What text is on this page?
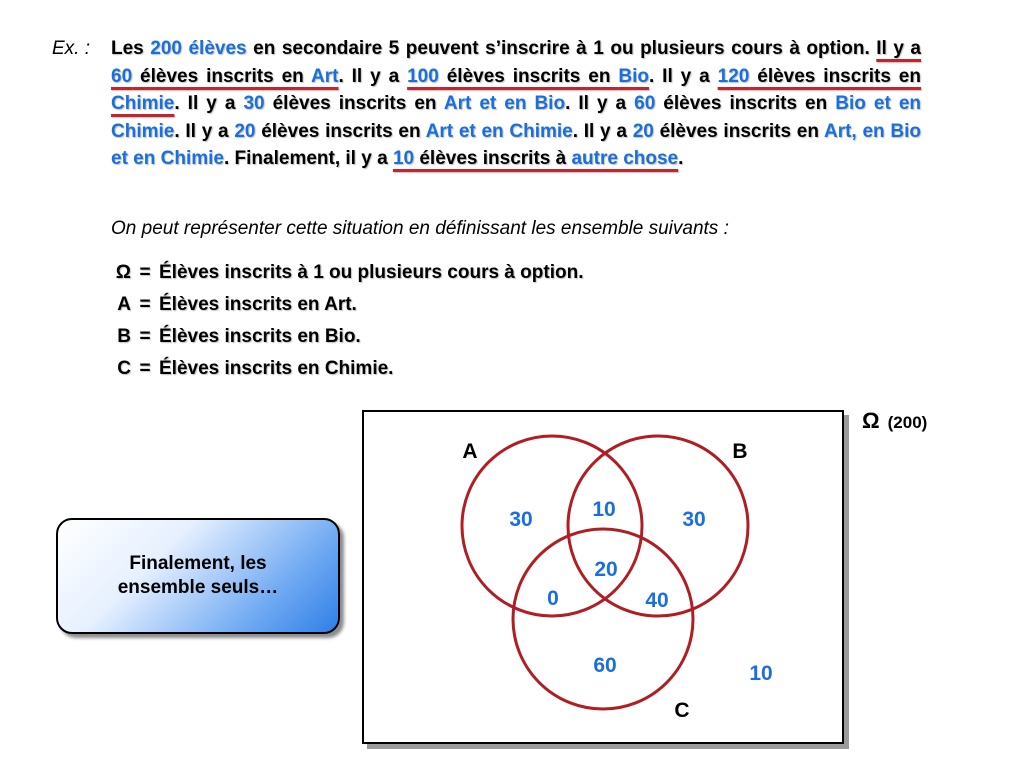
Ex. : Les 200 élèves en secondaire 5 peuvent s’inscrire à 1 ou plusieurs cours à option. Il y a 60 élèves inscrits en Art. Il y a 100 élèves inscrits en Bio. Il y a 120 élèves inscrits en Chimie. Il y a 30 élèves inscrits en Art et en Bio. Il y a 60 élèves inscrits en Bio et en Chimie. Il y a 20 élèves inscrits en Art et en Chimie. Il y a 20 élèves inscrits en Art, en Bio et en Chimie. Finalement, il y a 10 élèves inscrits à autre chose.
On peut représenter cette situation en définissant les ensemble suivants :
Ω = Élèves inscrits à 1 ou plusieurs cours à option.
A = Élèves inscrits en Art.
B = Élèves inscrits en Bio.
C = Élèves inscrits en Chimie.
Ω (200)
A	B
C
30	10	30
20
0	40
60	10
Finalement, les ensemble seuls…
